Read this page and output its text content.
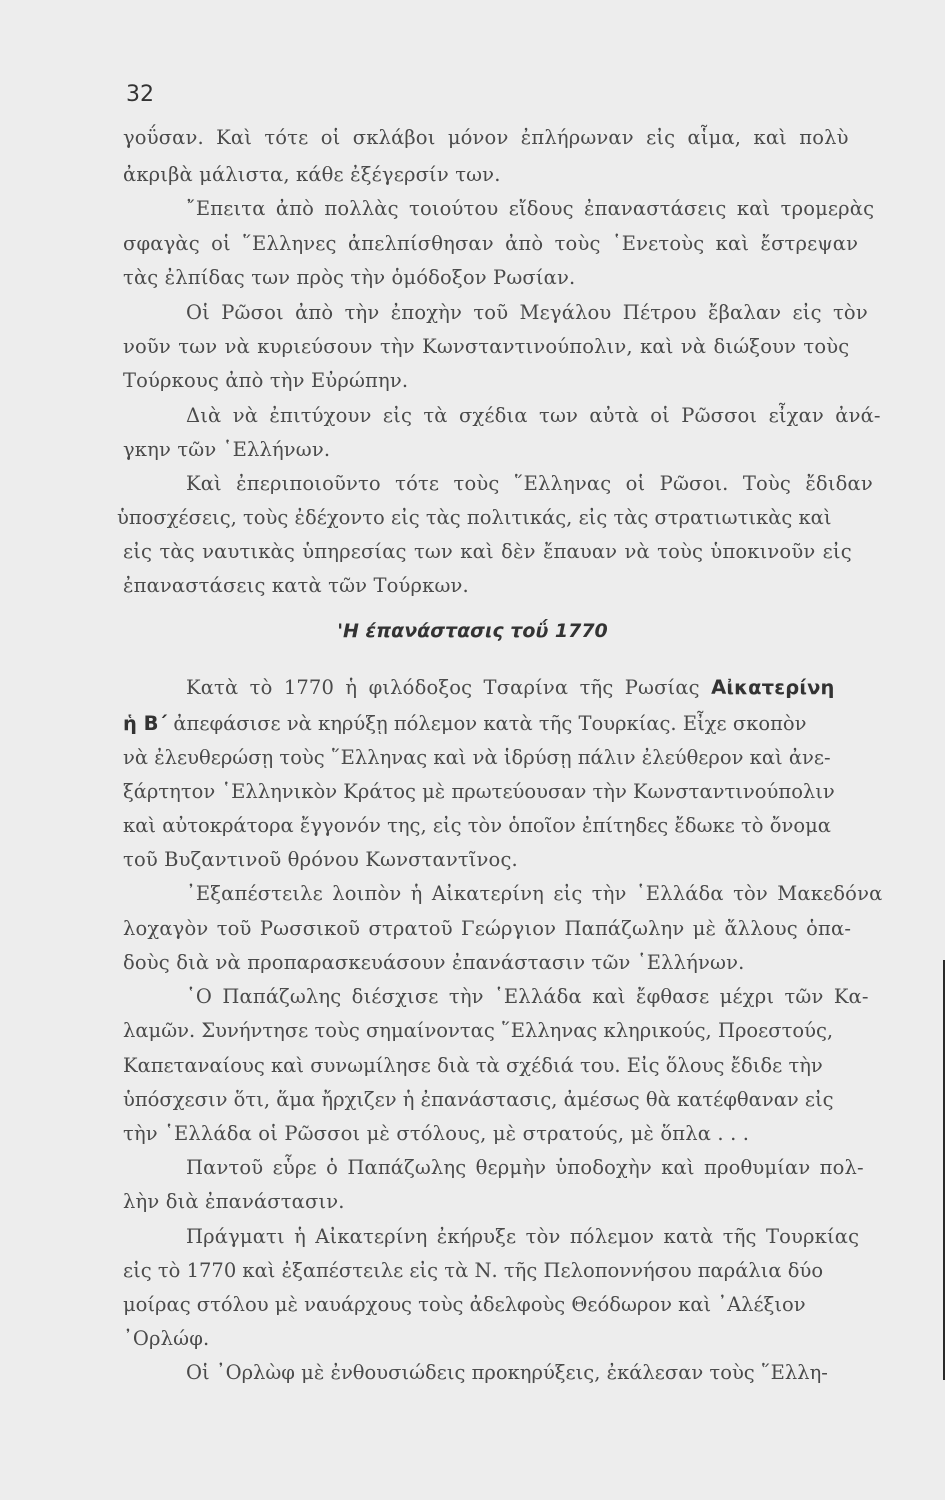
32
γοΰσαν. Καὶ τότε οἱ σκλάβοι μόνον ἐπλήρωναν εἰς αἷμα, καὶ πολὺ
ἀκριβὰ μάλιστα, κάθε ἐξέγερσίν των.
῎Επειτα ἀπὸ πολλὰς τοιούτου εἴδους ἐπαναστάσεις καὶ τρομερὰς
σφαγὰς οἱ ῞Ελληνες ἀπελπίσθησαν ἀπὸ τοὺς ῾Ενετοὺς καὶ ἔστρεψαν
τὰς ἐλπίδας των πρὸς τὴν ὁμόδοξον Ρωσίαν.
Οἱ Ρῶσοι ἀπὸ τὴν ἐποχὴν τοῦ Μεγάλου Πέτρου ἔβαλαν εἰς τὸν
νοῦν των νὰ κυριεύσουν τὴν Κωνσταντινούπολιν, καὶ νὰ διώξουν τοὺς
Τούρκους ἀπὸ τὴν Εὐρώπην.
Διὰ νὰ ἐπιτύχουν εἰς τὰ σχέδια των αὐτὰ οἱ Ρῶσσοι εἶχαν ἀνά-
γκην τῶν ῾Ελλήνων.
Καὶ ἐπεριποιοῦντο τότε τοὺς ῞Ελληνας οἱ Ρῶσοι. Τοὺς ἔδιδαν
ὑποσχέσεις, τοὺς ἐδέχοντο εἰς τὰς πολιτικάς, εἰς τὰς στρατιωτικὰς καὶ
εἰς τὰς ναυτικὰς ὑπηρεσίας των καὶ δὲν ἔπαυαν νὰ τοὺς ὑποκινοῦν εἰς
ἐπαναστάσεις κατὰ τῶν Τούρκων.
'Η έπανάστασις τοΰ 1770
Κατὰ τὸ 1770 ἡ φιλόδοξος Τσαρίνα τῆς Ρωσίας Αἰκατερίνη
ἡ Β΄ ἀπεφάσισε νὰ κηρύξῃ πόλεμον κατὰ τῆς Τουρκίας. Εἶχε σκοπὸν
νὰ ἐλευθερώσῃ τοὺς ῞Ελληνας καὶ νὰ ἱδρύσῃ πάλιν ἐλεύθερον καὶ ἀνε-
ξάρτητον ῾Ελληνικὸν Κράτος μὲ πρωτεύουσαν τὴν Κωνσταντινούπολιν
καὶ αὐτοκράτορα ἔγγονόν της, εἰς τὸν ὁποῖον ἐπίτηδες ἔδωκε τὸ ὄνομα
τοῦ Βυζαντινοῦ θρόνου Κωνσταντῖνος.
᾿Εξαπέστειλε λοιπὸν ἡ Αἰκατερίνη εἰς τὴν ῾Ελλάδα τὸν Μακεδόνα
λοχαγὸν τοῦ Ρωσσικοῦ στρατοῦ Γεώργιον Παπάζωλην μὲ ἄλλους ὁπα-
δοὺς διὰ νὰ προπαρασκευάσουν ἐπανάστασιν τῶν ῾Ελλήνων.
῾Ο Παπάζωλης διέσχισε τὴν ῾Ελλάδα καὶ ἔφθασε μέχρι τῶν Κα-
λαμῶν. Συνήντησε τοὺς σημαίνοντας ῞Ελληνας κληρικούς, Προεστούς,
Καπεταναίους καὶ συνωμίλησε διὰ τὰ σχέδιά του. Εἰς ὅλους ἔδιδε τὴν
ὑπόσχεσιν ὅτι, ἅμα ἤρχιζεν ἡ ἐπανάστασις, ἀμέσως θὰ κατέφθαναν εἰς
τὴν ῾Ελλάδα οἱ Ρῶσσοι μὲ στόλους, μὲ στρατούς, μὲ ὅπλα . . .
Παντοῦ εὗρε ὁ Παπάζωλης θερμὴν ὑποδοχὴν καὶ προθυμίαν πολ-
λὴν διὰ ἐπανάστασιν.
Πράγματι ἡ Αἰκατερίνη ἐκήρυξε τὸν πόλεμον κατὰ τῆς Τουρκίας
εἰς τὸ 1770 καὶ ἐξαπέστειλε εἰς τὰ Ν. τῆς Πελοποννήσου παράλια δύο
μοίρας στόλου μὲ ναυάρχους τοὺς ἀδελφοὺς Θεόδωρον καὶ ᾿Αλέξιον
᾿Ορλώφ.
Οἱ ᾿Ορλὼφ μὲ ἐνθουσιώδεις προκηρύξεις, ἐκάλεσαν τοὺς ῞Ελλη-
